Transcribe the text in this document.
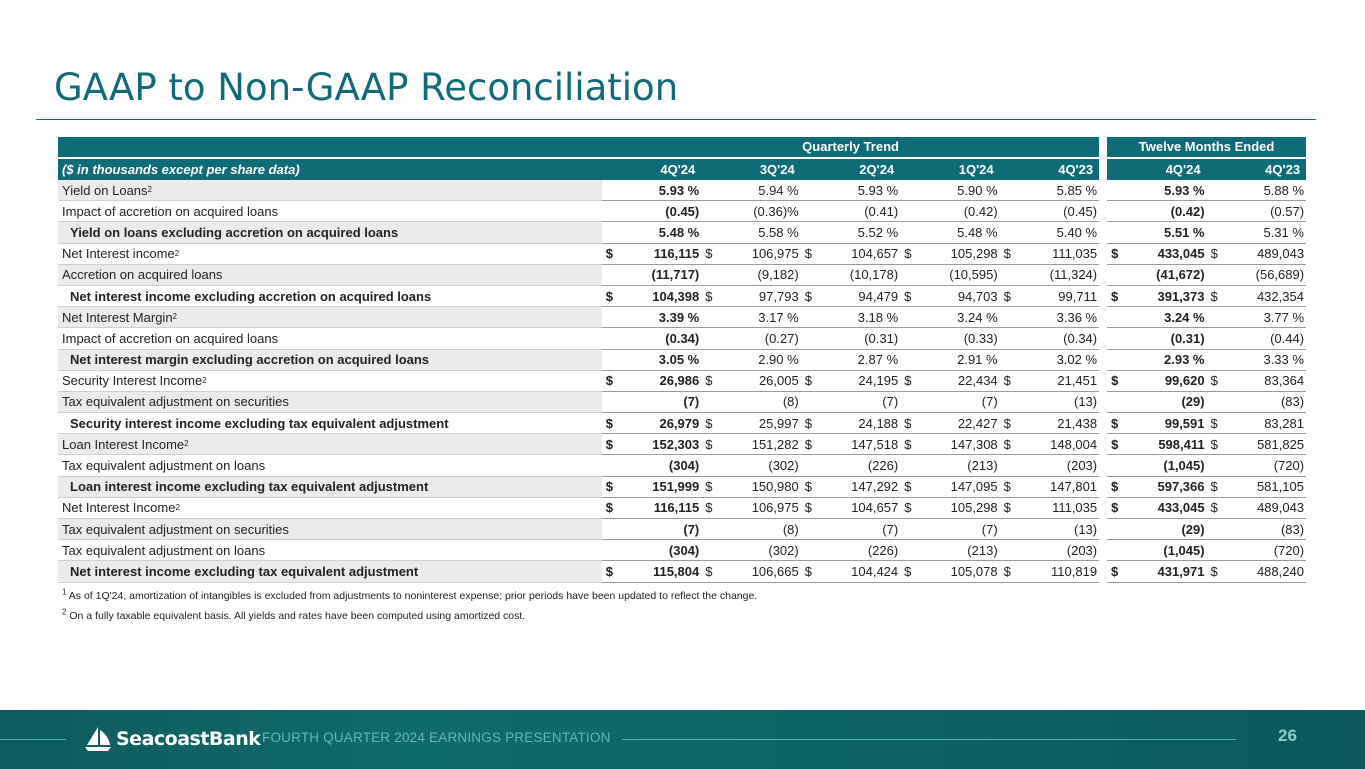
GAAP to Non-GAAP Reconciliation
Quarterly Trend	Twelve Months Ended
($ in thousands except per share data)	4Q'24	3Q'24	2Q'24	1Q'24	4Q'23	4Q'24	4Q'23
Yield on Loans 2	5.93 %	5.94 %	5.93 %	5.90 %	5.85 %	5.93 %	5.88 %
Impact of accretion on acquired loans	(0.45)	(0.36)%	(0.41)	(0.42)	(0.45)	(0.42)	(0.57)
Yield on loans excluding accretion on acquired loans	5.48 %	5.58 %	5.52 %	5.48 %	5.40 %	5.51 %	5.31 %
Net Interest income 2	$	116,115 $	106,975 $	104,657 $	105,298 $	111,035 $	433,045 $	489,043
Accretion on acquired loans	(11,717)	(9,182)	(10,178)	(10,595)	(11,324)	(41,672)	(56,689)
Net interest income excluding accretion on acquired loans	$	104,398 $	97,793 $	94,479 $	94,703 $	99,711 $	391,373 $	432,354
Net Interest Margin 2	3.39 %	3.17 %	3.18 %	3.24 %	3.36 %	3.24 %	3.77 %
Impact of accretion on acquired loans	(0.34)	(0.27)	(0.31)	(0.33)	(0.34)	(0.31)	(0.44)
Net interest margin excluding accretion on acquired loans	3.05 %	2.90 %	2.87 %	2.91 %	3.02 %	2.93 %	3.33 %
Security Interest Income 2	$	26,986 $	26,005 $	24,195 $	22,434 $	21,451 $	99,620 $	83,364
Tax equivalent adjustment on securities	(7)	(8)	(7)	(7)	(13)	(29)	(83)
Security interest income excluding tax equivalent adjustment	$	26,979 $	25,997 $	24,188 $	22,427 $	21,438 $	99,591 $	83,281
Loan Interest Income 2	$	152,303 $	151,282 $	147,518 $	147,308 $	148,004 $	598,411 $	581,825
Tax equivalent adjustment on loans	(304)	(302)	(226)	(213)	(203)	(1,045)	(720)
Loan interest income excluding tax equivalent adjustment	$	151,999 $	150,980 $	147,292 $	147,095 $	147,801 $	597,366 $	581,105
Net Interest Income 2	$	116,115 $	106,975 $	104,657 $	105,298 $	111,035 $	433,045 $	489,043
Tax equivalent adjustment on securities	(7)	(8)	(7)	(7)	(13)	(29)	(83)
Tax equivalent adjustment on loans	(304)	(302)	(226)	(213)	(203)	(1,045)	(720)
Net interest income excluding tax equivalent adjustment	$	115,804 $	106,665 $	104,424 $	105,078 $	110,819 $	431,971 $	488,240
$^1$ As of 1Q'24, amortization of intangibles is excluded from adjustments to noninterest expense; prior periods have been updated to reflect the change.
$^2$ On a fully taxable equivalent basis. All yields and rates have been computed using amortized cost.
SeacoastBank FOURTH QUARTER 2024 EARNINGS PRESENTATION	26
